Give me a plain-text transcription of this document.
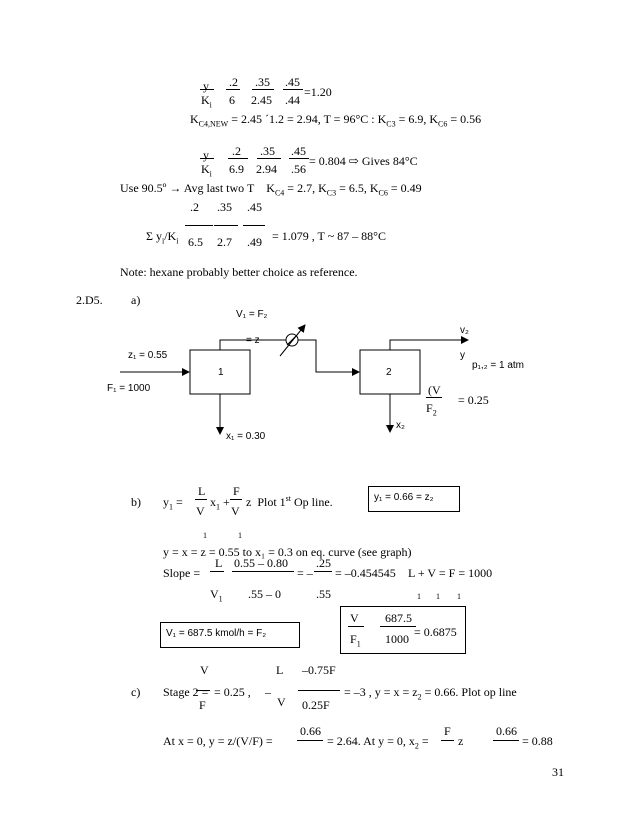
y .2 .35 .45
$K_i$ 6 2.45 .44
=1.20
$K_{C4,NEW} = 2.45$ ´1.2 = 2.94, T = 96°C : $K_{C3} = 6.9$, $K_{C6} = 0.56$
y .2 .35 .45
$K_i$ 6.9 2.94 .56
= 0.804 ⇨ Gives 84°C
Use 90.5º → Avg last two T $K_{C4} = 2.7$, $K_{C3} = 6.5$, $K_{C6} = 0.49$
.2 .35 .45
Σ $y_i/K_i$ 6.5 2.7 .49 = 1.079 , T ~ 87 – 88°C
Note: hexane probably better choice as reference.
2.D5. a)
V₁ = F₂
= z
z₁ = 0.55
F₁ = 1000
1
x₁ = 0.30
2
v₂
y
p₁,₂ = 1 atm
x₂
(V
$F_2$
= 0.25
b) $y_1$ =
L
V
$x_1$ +
F
V
z Plot 1st Op line.	y₁ = 0.66 = z₂
1	1
y = x = z = 0.55 to x₁ = 0.3 on eq. curve (see graph)
Slope =
L 0.55 – 0.80
= –
.25
= –0.454545 L + V = F = 1000
1 1 1
$V_1$ .55 – 0	.55
V₁ = 687.5 kmol/h = F₂
V
$F_1$
687.5
1000 = 0.6875
V	L –0.75F
c) Stage 2 =
F
= 0.25 , –
V 0.25F
= –3 , $y = x = z_2 = 0.66$. Plot op line
At x = 0, y = z/(V/F) =
0.66
= 2.64. At y = 0, $x_2$ =
F
z
0.66
= 0.88
31
